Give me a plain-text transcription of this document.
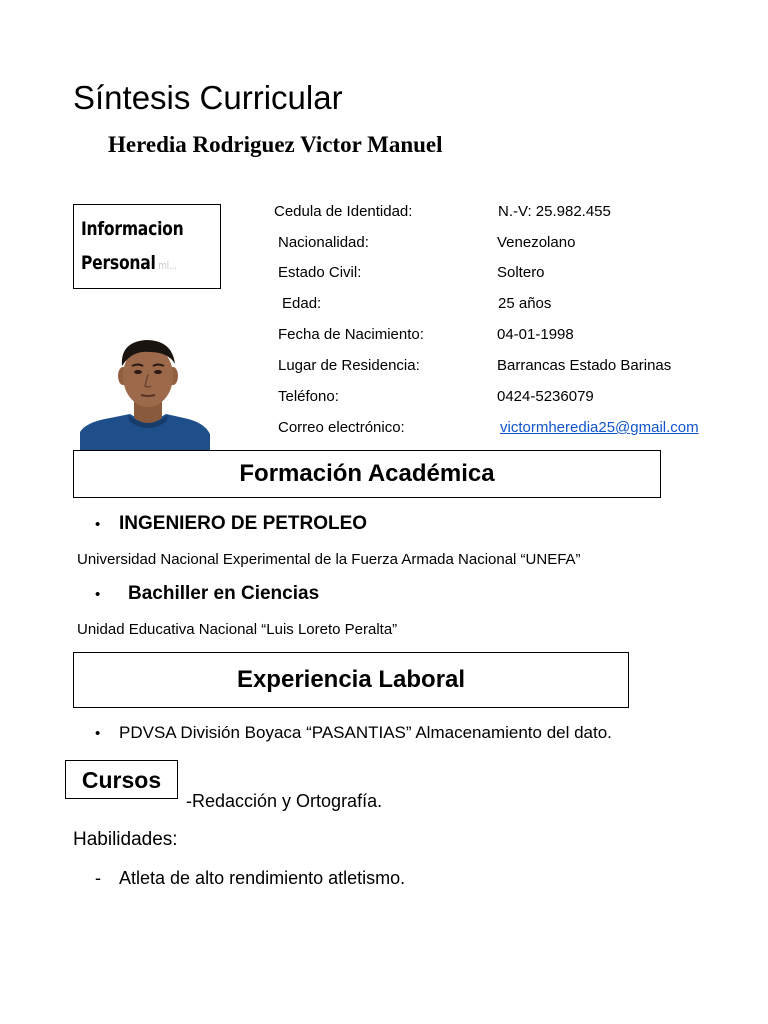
Síntesis Curricular
Heredia Rodriguez Victor Manuel
Informacion
Personal ml...
Cedula de Identidad:	N.-V: 25.982.455
Nacionalidad:	Venezolano
Estado Civil:	Soltero
Edad:	25 años
Fecha de Nacimiento:	04-01-1998
Lugar de Residencia:	Barrancas Estado Barinas
Teléfono:	0424-5236079
Correo electrónico:	victormheredia25@gmail.com
Formación Académica
• INGENIERO DE PETROLEO
Universidad Nacional Experimental de la Fuerza Armada Nacional “UNEFA”
• Bachiller en Ciencias
Unidad Educativa Nacional “Luis Loreto Peralta”
Experiencia Laboral
• PDVSA División Boyaca “PASANTIAS” Almacenamiento del dato.
Cursos
-Redacción y Ortografía.
Habilidades:
- Atleta de alto rendimiento atletismo.
